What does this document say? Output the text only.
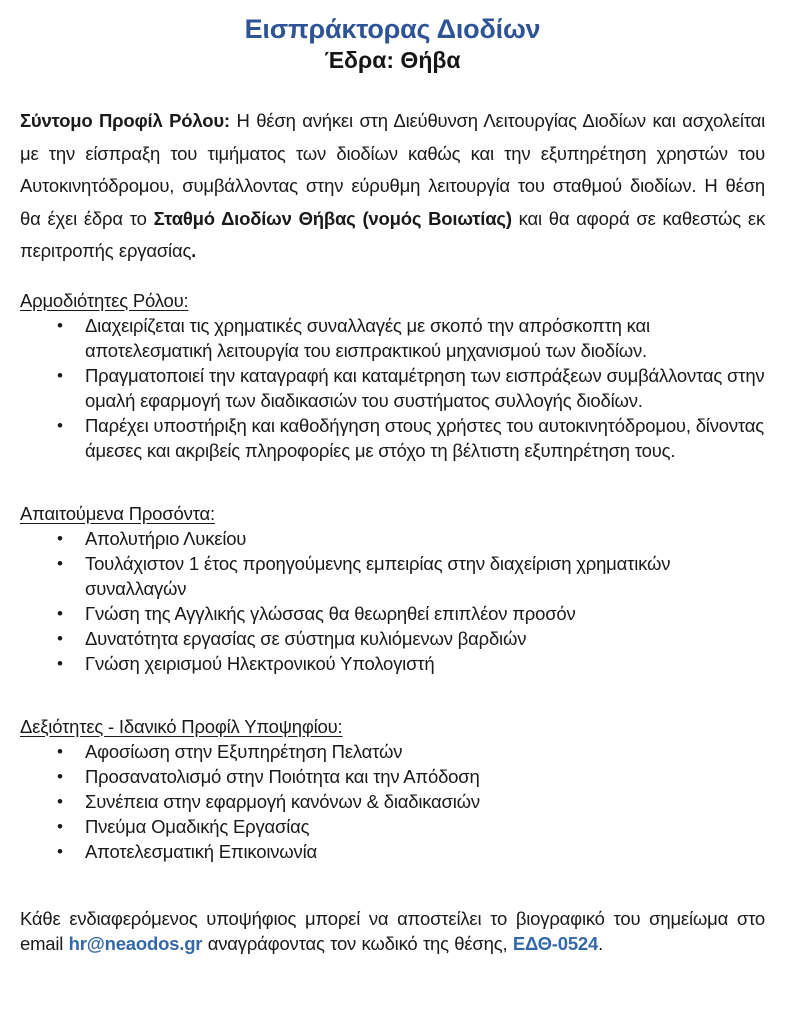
Εισπράκτορας Διοδίων
Έδρα: Θήβα

Σύντομο Προφίλ Ρόλου: Η θέση ανήκει στη Διεύθυνση Λειτουργίας Διοδίων και ασχολείται με την είσπραξη του τιμήματος των διοδίων καθώς και την εξυπηρέτηση χρηστών του Αυτοκινητόδρομου, συμβάλλοντας στην εύρυθμη λειτουργία του σταθμού διοδίων. Η θέση θα έχει έδρα το Σταθμό Διοδίων Θήβας (νομός Βοιωτίας) και θα αφορά σε καθεστώς εκ περιτροπής εργασίας.

Αρμοδιότητες Ρόλου:
• Διαχειρίζεται τις χρηματικές συναλλαγές με σκοπό την απρόσκοπτη και αποτελεσματική λειτουργία του εισπρακτικού μηχανισμού των διοδίων.
• Πραγματοποιεί την καταγραφή και καταμέτρηση των εισπράξεων συμβάλλοντας στην ομαλή εφαρμογή των διαδικασιών του συστήματος συλλογής διοδίων.
• Παρέχει υποστήριξη και καθοδήγηση στους χρήστες του αυτοκινητόδρομου, δίνοντας άμεσες και ακριβείς πληροφορίες με στόχο τη βέλτιστη εξυπηρέτηση τους.
Απαιτούμενα Προσόντα:
• Απολυτήριο Λυκείου
• Τουλάχιστον 1 έτος προηγούμενης εμπειρίας στην διαχείριση χρηματικών συναλλαγών
• Γνώση της Αγγλικής γλώσσας θα θεωρηθεί επιπλέον προσόν
• Δυνατότητα εργασίας σε σύστημα κυλιόμενων βαρδιών
• Γνώση χειρισμού Ηλεκτρονικού Υπολογιστή
Δεξιότητες - Ιδανικό Προφίλ Υποψηφίου:
• Αφοσίωση στην Εξυπηρέτηση Πελατών
• Προσανατολισμό στην Ποιότητα και την Απόδοση
• Συνέπεια στην εφαρμογή κανόνων & διαδικασιών
• Πνεύμα Ομαδικής Εργασίας
• Αποτελεσματική Επικοινωνία

Κάθε ενδιαφερόμενος υποψήφιος μπορεί να αποστείλει το βιογραφικό του σημείωμα στο email hr@neaodos.gr αναγράφοντας τον κωδικό της θέσης, ΕΔΘ-0524.
